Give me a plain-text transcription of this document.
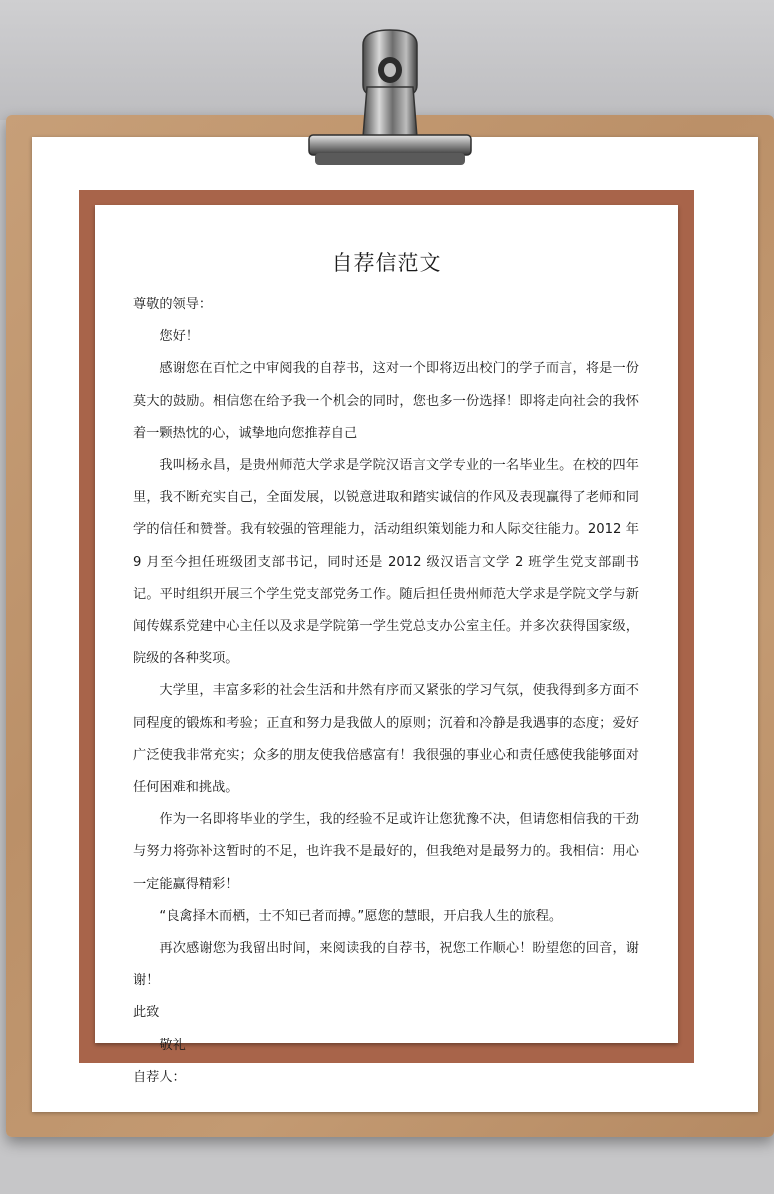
自荐信范文

尊敬的领导：

您好！

感谢您在百忙之中审阅我的自荐书，这对一个即将迈出校门的学子而言，将是一份莫大的鼓励。相信您在给予我一个机会的同时，您也多一份选择！即将走向社会的我怀着一颗热忱的心，诚挚地向您推荐自己

我叫杨永昌，是贵州师范大学求是学院汉语言文学专业的一名毕业生。在校的四年里，我不断充实自己，全面发展，以锐意进取和踏实诚信的作风及表现赢得了老师和同学的信任和赞誉。我有较强的管理能力，活动组织策划能力和人际交往能力。2012 年 9 月至今担任班级团支部书记，同时还是 2012 级汉语言文学 2 班学生党支部副书记。平时组织开展三个学生党支部党务工作。随后担任贵州师范大学求是学院文学与新闻传媒系党建中心主任以及求是学院第一学生党总支办公室主任。并多次获得国家级，院级的各种奖项。

大学里，丰富多彩的社会生活和井然有序而又紧张的学习气氛，使我得到多方面不同程度的锻炼和考验；正直和努力是我做人的原则；沉着和冷静是我遇事的态度；爱好广泛使我非常充实；众多的朋友使我倍感富有！我很强的事业心和责任感使我能够面对任何困难和挑战。

作为一名即将毕业的学生，我的经验不足或许让您犹豫不决，但请您相信我的干劲与努力将弥补这暂时的不足，也许我不是最好的，但我绝对是最努力的。我相信：用心一定能赢得精彩！

“良禽择木而栖，士不知已者而搏。”愿您的慧眼，开启我人生的旅程。

再次感谢您为我留出时间，来阅读我的自荐书，祝您工作顺心！盼望您的回音，谢谢！

此致

敬礼

自荐人：
